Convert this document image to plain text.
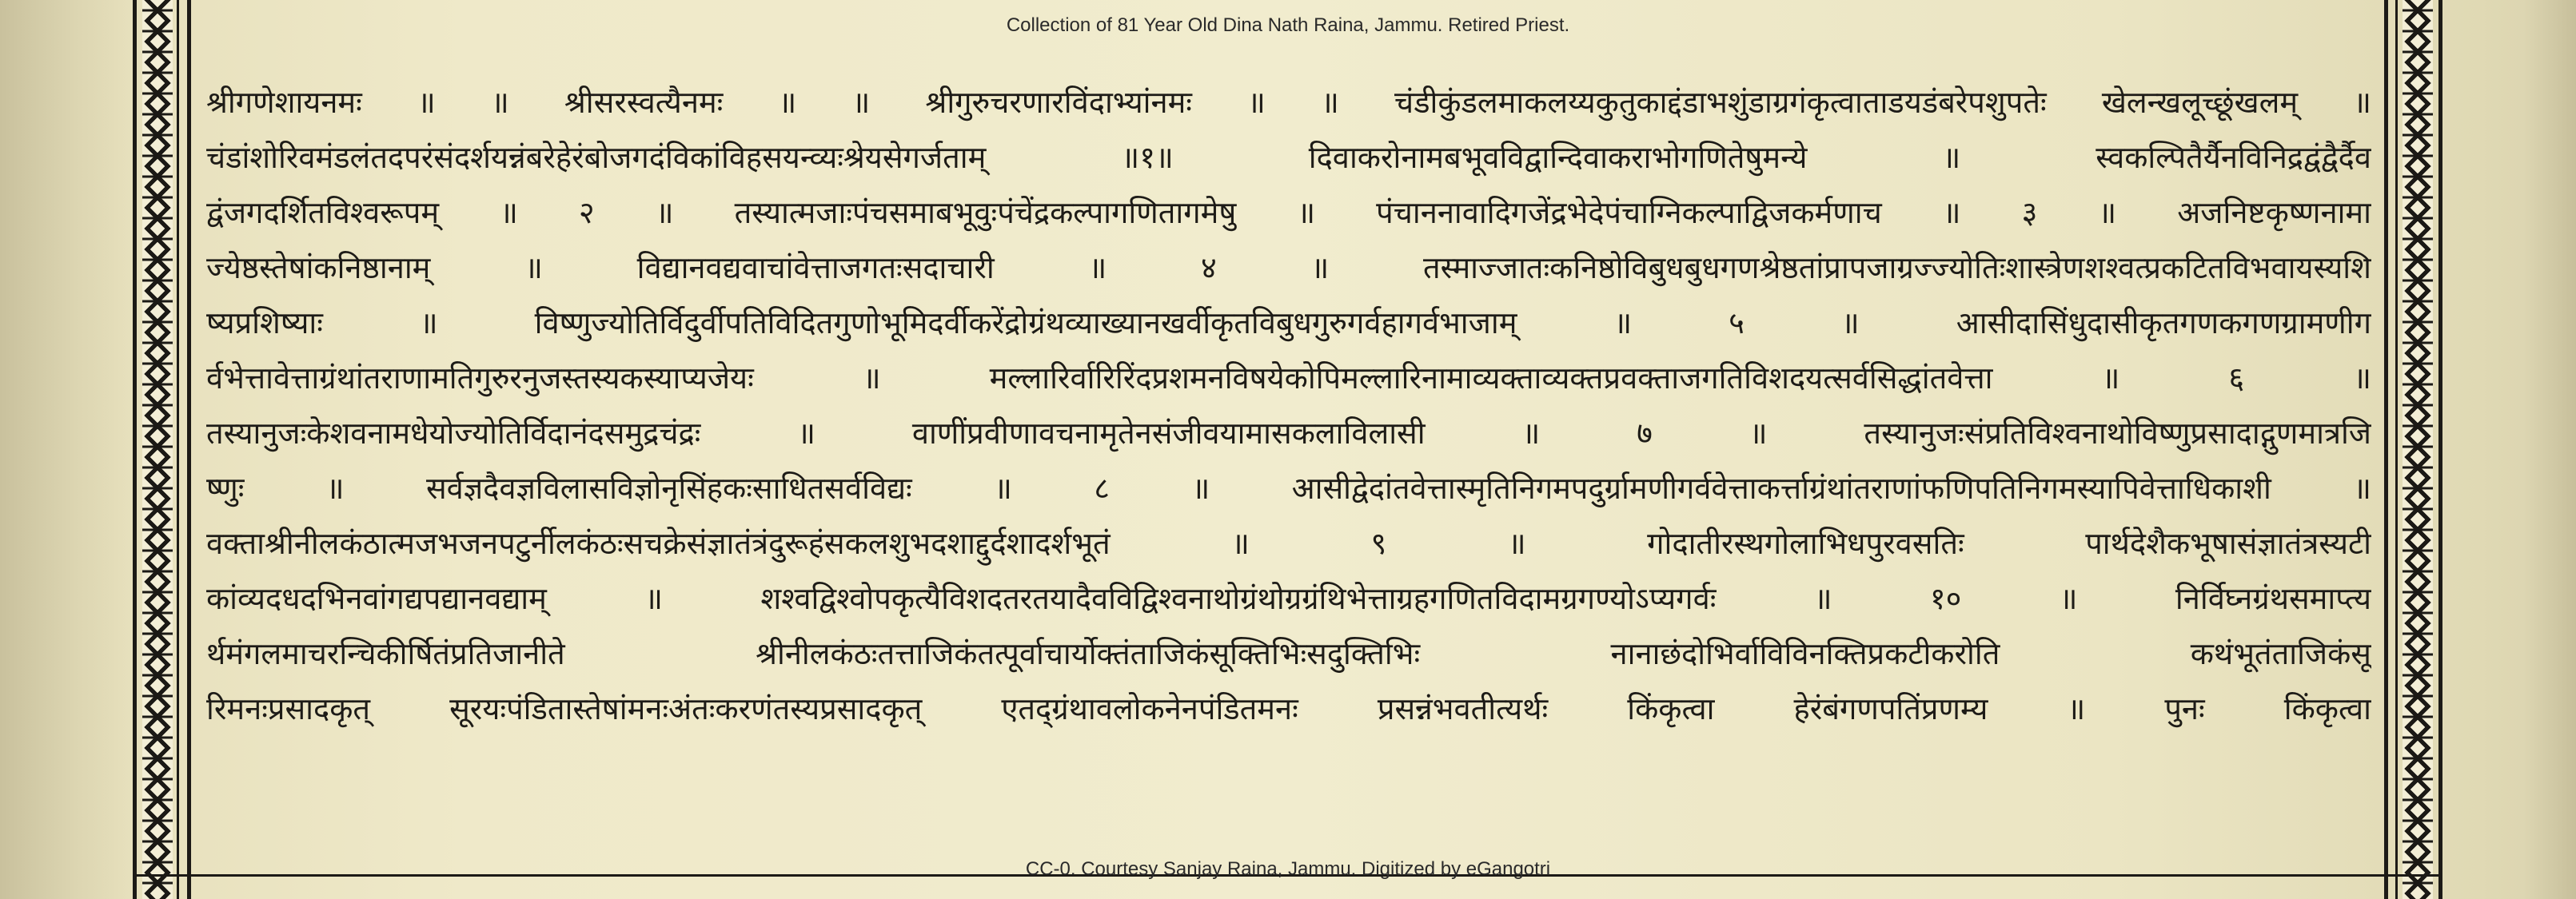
Collection of 81 Year Old Dina Nath Raina, Jammu. Retired Priest.
श्रीगणेशायनमः ॥ ॥ श्रीसरस्वत्यैनमः ॥ ॥ श्रीगुरुचरणारविंदाभ्यांनमः ॥ ॥ चंडीकुंडलमाकलय्यकुतुकाद्दंडाभशुंडाग्रगंकृत्वाताडयडंबरेपशुपतेः खेलन्खलूच्छूंखलम् ॥
चंडांशोरिवमंडलंतदपरंसंदर्शयन्नंबरेहेरंबोजगदंविकांविहसयन्व्यःश्रेयसेगर्जताम् ॥१॥ दिवाकरोनामबभूवविद्वान्दिवाकराभोगणितेषुमन्ये ॥ स्वकल्पितैर्यैनविनिद्रद्वंद्वैर्दैव
द्वंजगदर्शितविश्वरूपम् ॥ २ ॥ तस्यात्मजाःपंचसमाबभूवुःपंचेंद्रकल्पागणितागमेषु ॥ पंचाननावादिगजेंद्रभेदेपंचाग्निकल्पाद्विजकर्मणाच ॥ ३ ॥ अजनिष्टकृष्णनामा
ज्येष्ठस्तेषांकनिष्ठानाम् ॥ विद्यानवद्यवाचांवेत्ताजगतःसदाचारी ॥ ४ ॥ तस्माज्जातःकनिष्ठोविबुधबुधगणश्रेष्ठतांप्रापजाग्रज्ज्योतिःशास्त्रेणशश्वत्प्रकटितविभवायस्यशि
ष्यप्रशिष्याः ॥ विष्णुज्योतिर्विदुर्वीपतिविदितगुणोभूमिदर्वीकरेंद्रोग्रंथव्याख्यानखर्वीकृतविबुधगुरुगर्वहागर्वभाजाम् ॥ ५ ॥ आसीदासिंधुदासीकृतगणकगणग्रामणीग
र्वभेत्तावेत्ताग्रंथांतराणामतिगुरुरनुजस्तस्यकस्याप्यजेयः ॥ मल्लारिर्वारिरिंदप्रशमनविषयेकोपिमल्लारिनामाव्यक्ताव्यक्तप्रवक्ताजगतिविशदयत्सर्वसिद्धांतवेत्ता ॥ ६ ॥
तस्यानुजःकेशवनामधेयोज्योतिर्विदानंदसमुद्रचंद्रः ॥ वाणींप्रवीणावचनामृतेनसंजीवयामासकलाविलासी ॥ ७ ॥ तस्यानुजःसंप्रतिविश्वनाथोविष्णुप्रसादाद्गुणमात्रजि
ष्णुः ॥ सर्वज्ञदैवज्ञविलासविज्ञोनृसिंहकःसाधितसर्वविद्यः ॥ ८ ॥ आसीद्वेदांतवेत्तास्मृतिनिगमपदुर्ग्रामणीगर्ववेत्ताकर्त्ताग्रंथांतराणांफणिपतिनिगमस्यापिवेत्ताधिकाशी ॥
वक्ताश्रीनीलकंठात्मजभजनपटुर्नीलकंठःसचक्रेसंज्ञातंत्रंदुरूहंसकलशुभदशाद्दुर्दशादर्शभूतं ॥ ९ ॥ गोदातीरस्थगोलाभिधपुरवसतिः पार्थदेशैकभूषासंज्ञातंत्रस्यटी
कांव्यदधदभिनवांगद्यपद्यानवद्याम् ॥ शश्वद्विश्वोपकृत्यैविशदतरतयादैवविद्विश्वनाथोग्रंथोग्रग्रंथिभेत्ताग्रहगणितविदामग्रगण्योऽप्यगर्वः ॥ १० ॥ निर्विघ्नग्रंथसमाप्त्य
र्थमंगलमाचरन्चिकीर्षितंप्रतिजानीते श्रीनीलकंठःतत्ताजिकंतत्पूर्वाचार्योक्तंताजिकंसूक्तिभिःसदुक्तिभिः नानाछंदोभिर्वाविविनक्तिप्रकटीकरोति कथंभूतंताजिकंसू
रिमनःप्रसादकृत् सूरयःपंडितास्तेषांमनःअंतःकरणंतस्यप्रसादकृत् एतद्ग्रंथावलोकनेनपंडितमनः प्रसन्नंभवतीत्यर्थः किंकृत्वा हेरंबंगणपतिंप्रणम्य ॥ पुनः किंकृत्वा
CC-0. Courtesy Sanjay Raina, Jammu. Digitized by eGangotri
